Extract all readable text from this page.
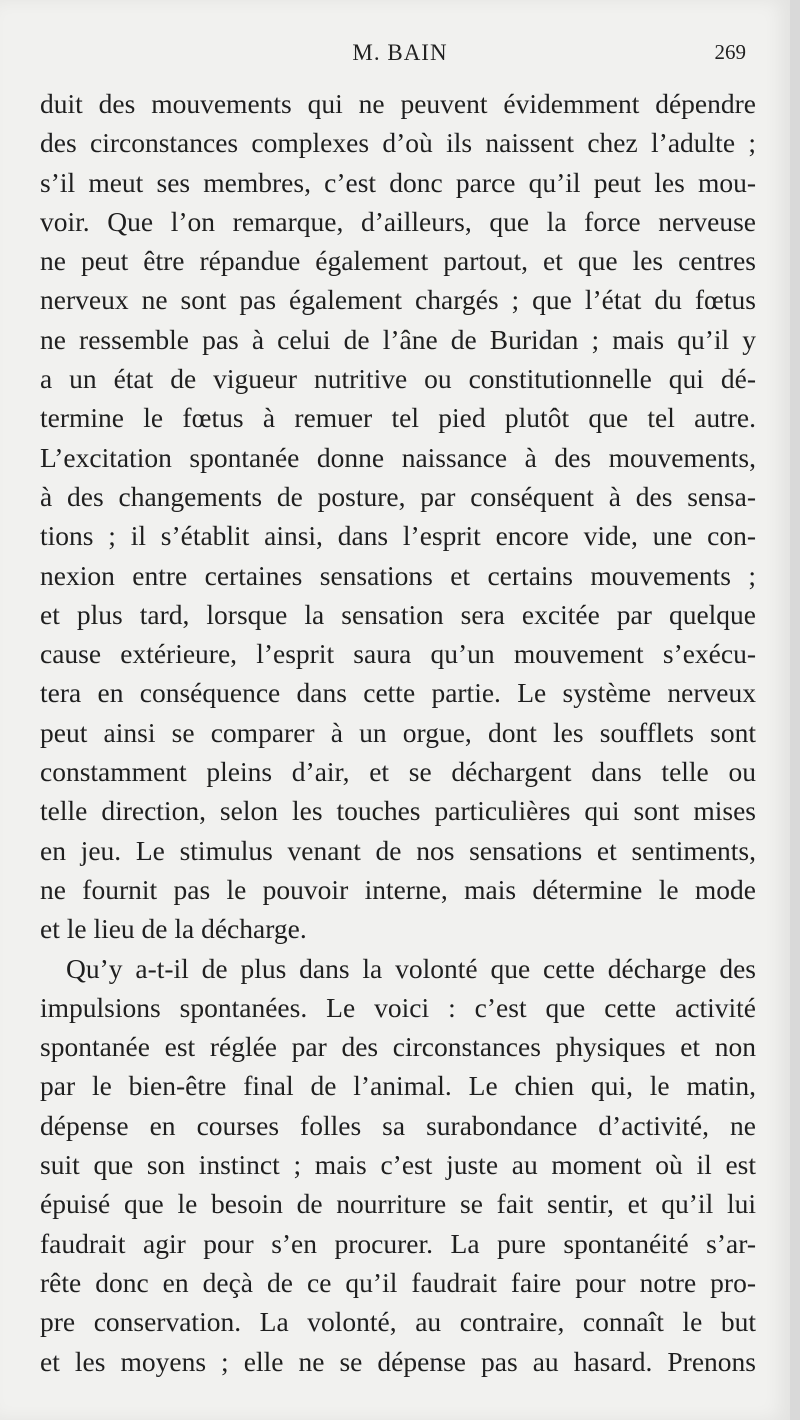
M. BAIN	269
duit des mouvements qui ne peuvent évidemment dépendre
des circonstances complexes d’où ils naissent chez l’adulte ;
s’il meut ses membres, c’est donc parce qu’il peut les mou-
voir. Que l’on remarque, d’ailleurs, que la force nerveuse
ne peut être répandue également partout, et que les centres
nerveux ne sont pas également chargés ; que l’état du fœtus
ne ressemble pas à celui de l’âne de Buridan ; mais qu’il y
a un état de vigueur nutritive ou constitutionnelle qui dé-
termine le fœtus à remuer tel pied plutôt que tel autre.
L’excitation spontanée donne naissance à des mouvements,
à des changements de posture, par conséquent à des sensa-
tions ; il s’établit ainsi, dans l’esprit encore vide, une con-
nexion entre certaines sensations et certains mouvements ;
et plus tard, lorsque la sensation sera excitée par quelque
cause extérieure, l’esprit saura qu’un mouvement s’exécu-
tera en conséquence dans cette partie. Le système nerveux
peut ainsi se comparer à un orgue, dont les soufflets sont
constamment pleins d’air, et se déchargent dans telle ou
telle direction, selon les touches particulières qui sont mises
en jeu. Le stimulus venant de nos sensations et sentiments,
ne fournit pas le pouvoir interne, mais détermine le mode
et le lieu de la décharge.
Qu’y a-t-il de plus dans la volonté que cette décharge des
impulsions spontanées. Le voici : c’est que cette activité
spontanée est réglée par des circonstances physiques et non
par le bien-être final de l’animal. Le chien qui, le matin,
dépense en courses folles sa surabondance d’activité, ne
suit que son instinct ; mais c’est juste au moment où il est
épuisé que le besoin de nourriture se fait sentir, et qu’il lui
faudrait agir pour s’en procurer. La pure spontanéité s’ar-
rête donc en deçà de ce qu’il faudrait faire pour notre pro-
pre conservation. La volonté, au contraire, connaît le but
et les moyens ; elle ne se dépense pas au hasard. Prenons
